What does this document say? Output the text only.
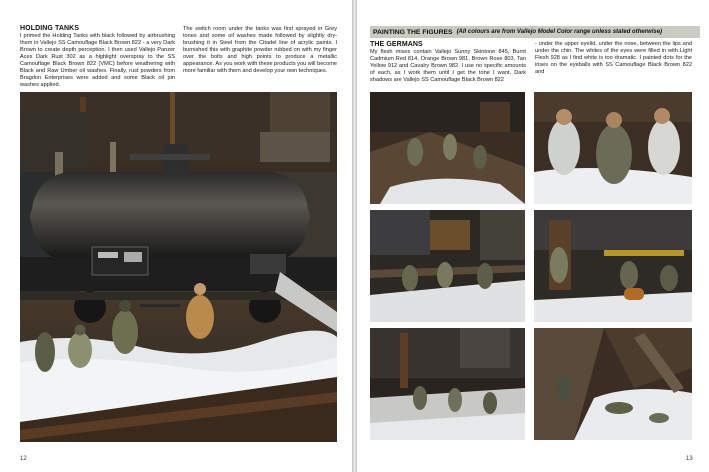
HOLDING TANKS

I primed the Holding Tanks with black followed by airbrushing them in Vallejo SS Camouflage Black Brown 822 - a very Dark Brown to create depth perception. I then used Vallejo Panzer Aces Dark Rust 302 as a highlight overspray to the SS Camouflage Black Brown 822 (VMC) before weathering with Black and Raw Umber oil washes. Finally, rust powders from Bragdon Enterprises were added and some Black oil pin washes applied.

The switch room under the tanks was first sprayed in Grey tones and some oil washes made followed by slightly dry-brushing it in Steel from the Citadel line of acrylic paints. I burnished this with graphite powder rubbed on with my finger over the bolts and high points to produce a metallic appearance. As you work with these products you will become more familiar with them and develop your own techniques.

12
PAINTING THE FIGURES (All colours are from Vallejo Model Color range unless stated otherwise)
THE GERMANS

My flesh mixes contain Vallejo Sunny Skintone 845, Burnt Cadmium Red 814, Orange Brown 981, Brown Rose 803, Tan Yellow 912 and Cavalry Brown 982. I use no specific amounts of each, as I work them until I get the tone I want. Dark shadows are Vallejo SS Camouflage Black Brown 822

- under the upper eyelid, under the nose, between the lips and under the chin. The whites of the eyes were filled in with Light Flesh 928 as I find white is too dramatic. I painted dots for the irises on the eyeballs with SS Camouflage Black Brown 822 and

13
